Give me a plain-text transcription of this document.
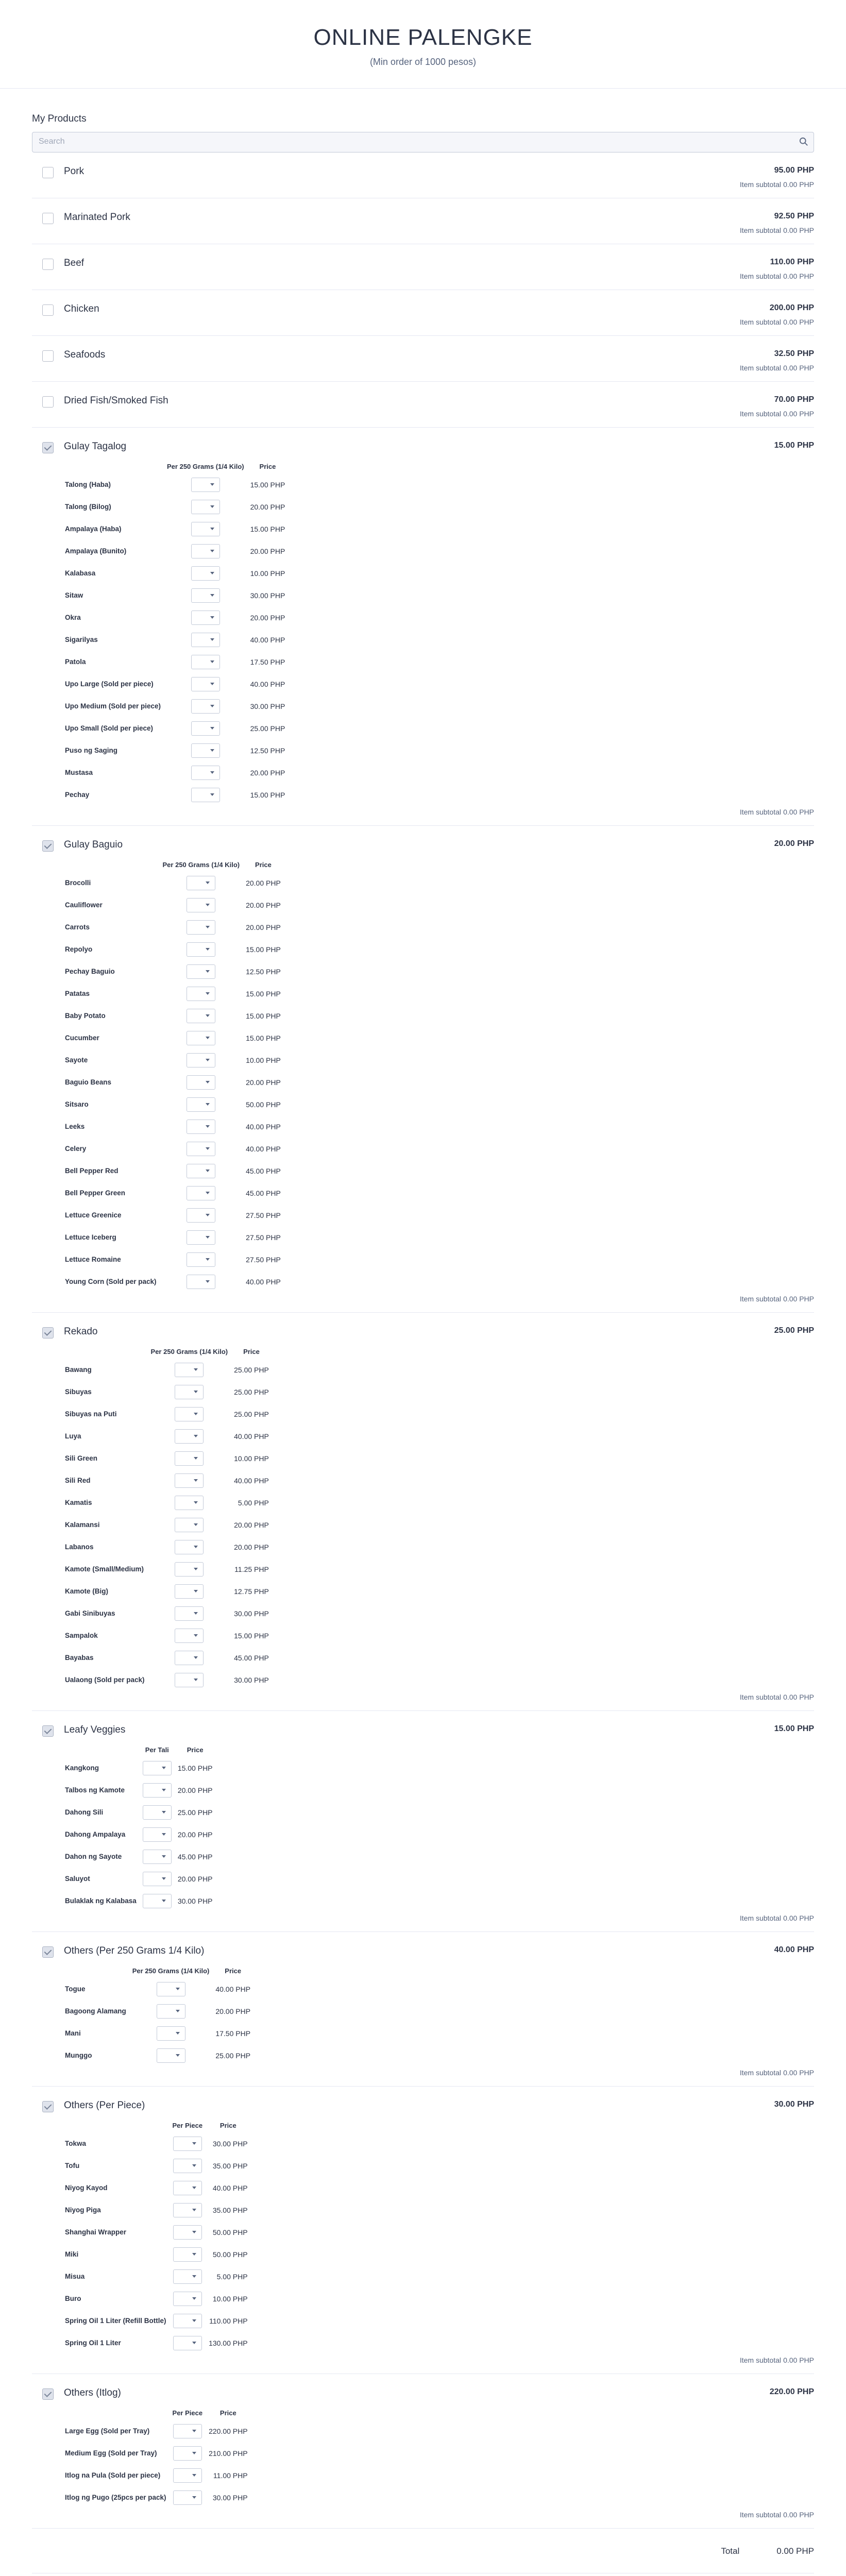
ONLINE PALENGKE
(Min order of 1000 pesos)
My Products
Search
Pork	95.00 PHP
Item subtotal 0.00 PHP
Marinated Pork	92.50 PHP
Item subtotal 0.00 PHP
Beef	110.00 PHP
Item subtotal 0.00 PHP
Chicken	200.00 PHP
Item subtotal 0.00 PHP
Seafoods	32.50 PHP
Item subtotal 0.00 PHP
Dried Fish/Smoked Fish	70.00 PHP
Item subtotal 0.00 PHP
Gulay Tagalog	15.00 PHP
	Per 250 Grams (1/4 Kilo)	Price
Talong (Haba)		15.00 PHP
Talong (Bilog)		20.00 PHP
Ampalaya (Haba)		15.00 PHP
Ampalaya (Bunito)		20.00 PHP
Kalabasa		10.00 PHP
Sitaw		30.00 PHP
Okra		20.00 PHP
Sigarilyas		40.00 PHP
Patola		17.50 PHP
Upo Large (Sold per piece)		40.00 PHP
Upo Medium (Sold per piece)		30.00 PHP
Upo Small (Sold per piece)		25.00 PHP
Puso ng Saging		12.50 PHP
Mustasa		20.00 PHP
Pechay		15.00 PHP
Item subtotal 0.00 PHP
Gulay Baguio	20.00 PHP
	Per 250 Grams (1/4 Kilo)	Price
Brocolli		20.00 PHP
Cauliflower		20.00 PHP
Carrots		20.00 PHP
Repolyo		15.00 PHP
Pechay Baguio		12.50 PHP
Patatas		15.00 PHP
Baby Potato		15.00 PHP
Cucumber		15.00 PHP
Sayote		10.00 PHP
Baguio Beans		20.00 PHP
Sitsaro		50.00 PHP
Leeks		40.00 PHP
Celery		40.00 PHP
Bell Pepper Red		45.00 PHP
Bell Pepper Green		45.00 PHP
Lettuce Greenice		27.50 PHP
Lettuce Iceberg		27.50 PHP
Lettuce Romaine		27.50 PHP
Young Corn (Sold per pack)		40.00 PHP
Item subtotal 0.00 PHP
Rekado	25.00 PHP
	Per 250 Grams (1/4 Kilo)	Price
Bawang		25.00 PHP
Sibuyas		25.00 PHP
Sibuyas na Puti		25.00 PHP
Luya		40.00 PHP
Sili Green		10.00 PHP
Sili Red		40.00 PHP
Kamatis		5.00 PHP
Kalamansi		20.00 PHP
Labanos		20.00 PHP
Kamote (Small/Medium)		11.25 PHP
Kamote (Big)		12.75 PHP
Gabi Sinibuyas		30.00 PHP
Sampalok		15.00 PHP
Bayabas		45.00 PHP
Ualaong (Sold per pack)		30.00 PHP
Item subtotal 0.00 PHP
Leafy Veggies	15.00 PHP
	Per Tali	Price
Kangkong		15.00 PHP
Talbos ng Kamote		20.00 PHP
Dahong Sili		25.00 PHP
Dahong Ampalaya		20.00 PHP
Dahon ng Sayote		45.00 PHP
Saluyot		20.00 PHP
Bulaklak ng Kalabasa		30.00 PHP
Item subtotal 0.00 PHP
Others (Per 250 Grams 1/4 Kilo)	40.00 PHP
	Per 250 Grams (1/4 Kilo)	Price
Togue		40.00 PHP
Bagoong Alamang		20.00 PHP
Mani		17.50 PHP
Munggo		25.00 PHP
Item subtotal 0.00 PHP
Others (Per Piece)	30.00 PHP
	Per Piece	Price
Tokwa		30.00 PHP
Tofu		35.00 PHP
Niyog Kayod		40.00 PHP
Niyog Piga		35.00 PHP
Shanghai Wrapper		50.00 PHP
Miki		50.00 PHP
Misua		5.00 PHP
Buro		10.00 PHP
Spring Oil 1 Liter (Refill Bottle)		110.00 PHP
Spring Oil 1 Liter		130.00 PHP
Item subtotal 0.00 PHP
Others (Itlog)	220.00 PHP
	Per Piece	Price
Large Egg (Sold per Tray)		220.00 PHP
Medium Egg (Sold per Tray)		210.00 PHP
Itlog na Pula (Sold per piece)		11.00 PHP
Itlog ng Pugo (25pcs per pack)		30.00 PHP
Item subtotal 0.00 PHP
Total	0.00 PHP
